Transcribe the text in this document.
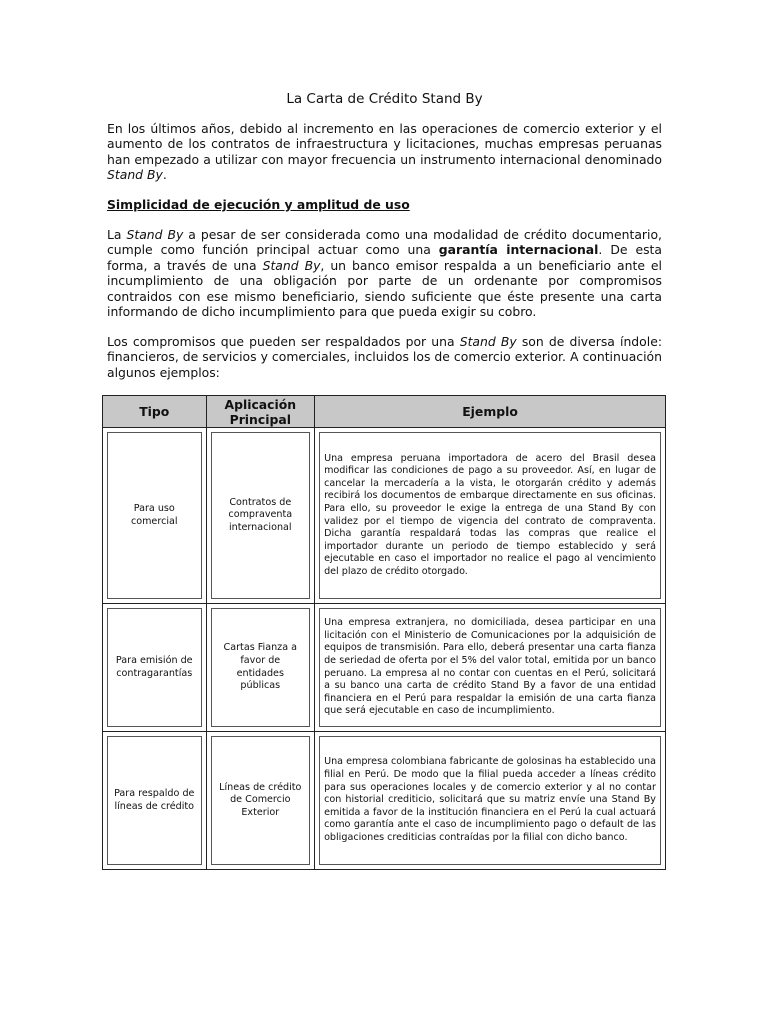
La Carta de Crédito Stand By

En los últimos años, debido al incremento en las operaciones de comercio exterior y el aumento de los contratos de infraestructura y licitaciones, muchas empresas peruanas han empezado a utilizar con mayor frecuencia un instrumento internacional denominado Stand By.

Simplicidad de ejecución y amplitud de uso

La Stand By a pesar de ser considerada como una modalidad de crédito documentario, cumple como función principal actuar como una garantía internacional. De esta forma, a través de una Stand By, un banco emisor respalda a un beneficiario ante el incumplimiento de una obligación por parte de un ordenante por compromisos contraidos con ese mismo beneficiario, siendo suficiente que éste presente una carta informando de dicho incumplimiento para que pueda exigir su cobro.

Los compromisos que pueden ser respaldados por una Stand By son de diversa índole: financieros, de servicios y comerciales, incluidos los de comercio exterior. A continuación algunos ejemplos:

Tipo	Aplicación Principal	Ejemplo

Para uso comercial	Contratos de compraventa internacional	Una empresa peruana importadora de acero del Brasil desea modificar las condiciones de pago a su proveedor. Así, en lugar de cancelar la mercadería a la vista, le otorgarán crédito y además recibirá los documentos de embarque directamente en sus oficinas. Para ello, su proveedor le exige la entrega de una Stand By con validez por el tiempo de vigencia del contrato de compraventa. Dicha garantía respaldará todas las compras que realice el importador durante un periodo de tiempo establecido y será ejecutable en caso el importador no realice el pago al vencimiento del plazo de crédito otorgado.

Para emisión de contragarantías	Cartas Fianza a favor de entidades públicas	Una empresa extranjera, no domiciliada, desea participar en una licitación con el Ministerio de Comunicaciones por la adquisición de equipos de transmisión. Para ello, deberá presentar una carta fianza de seriedad de oferta por el 5% del valor total, emitida por un banco peruano. La empresa al no contar con cuentas en el Perú, solicitará a su banco una carta de crédito Stand By a favor de una entidad financiera en el Perú para respaldar la emisión de una carta fianza que será ejecutable en caso de incumplimiento.

Para respaldo de líneas de crédito	Líneas de crédito de Comercio Exterior	Una empresa colombiana fabricante de golosinas ha establecido una filial en Perú. De modo que la filial pueda acceder a líneas crédito para sus operaciones locales y de comercio exterior y al no contar con historial crediticio, solicitará que su matriz envíe una Stand By emitida a favor de la institución financiera en el Perú la cual actuará como garantía ante el caso de incumplimiento pago o default de las obligaciones crediticias contraídas por la filial con dicho banco.
